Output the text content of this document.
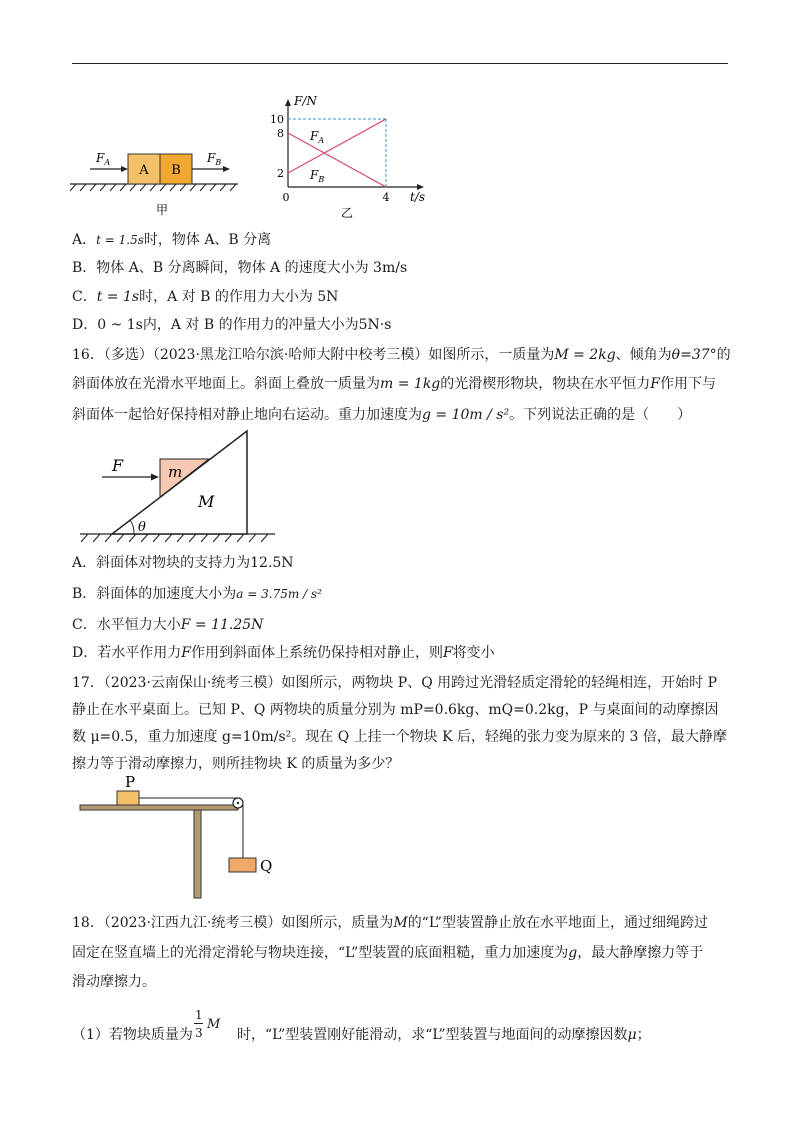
A B
$F_A$	$F_B$
甲
F/N
10
8
2
0	4 t/s
$F_A$
$F_B$
乙
A．t = 1.5s时，物体 A、B 分离
B．物体 A、B 分离瞬间，物体 A 的速度大小为 3m/s
C．t = 1s时，A 对 B 的作用力大小为 5N
D．0 ~ 1s内，A 对 B 的作用力的冲量大小为5N·s
16．（多选）（2023·黑龙江哈尔滨·哈师大附中校考三模）如图所示，一质量为M = 2kg、倾角为θ=37°的
斜面体放在光滑水平地面上。斜面上叠放一质量为m = 1kg的光滑楔形物块，物块在水平恒力F作用下与
斜面体一起恰好保持相对静止地向右运动。重力加速度为g = 10m / s²。下列说法正确的是（　　）
F	m
M
θ
A．斜面体对物块的支持力为12.5N
B．斜面体的加速度大小为a = 3.75m / s²
C．水平恒力大小F = 11.25N
D．若水平作用力F作用到斜面体上系统仍保持相对静止，则F将变小
17．（2023·云南保山·统考三模）如图所示，两物块 P、Q 用跨过光滑轻质定滑轮的轻绳相连，开始时 P 静止在水平桌面上。已知 P、Q 两物块的质量分别为 mP=0.6kg、mQ=0.2kg，P 与桌面间的动摩擦因数 μ=0.5，重力加速度 g=10m/s²。现在 Q 上挂一个物块 K 后，轻绳的张力变为原来的 3 倍，最大静摩擦力等于滑动摩擦力，则所挂物块 K 的质量为多少？
P
Q
18．（2023·江西九江·统考三模）如图所示，质量为M的“L”型装置静止放在水平地面上，通过细绳跨过
固定在竖直墙上的光滑定滑轮与物块连接，“L”型装置的底面粗糙，重力加速度为g，最大静摩擦力等于
滑动摩擦力。
（1）若物块质量为
1
3
M
时，“L”型装置刚好能滑动，求“L”型装置与地面间的动摩擦因数μ；
